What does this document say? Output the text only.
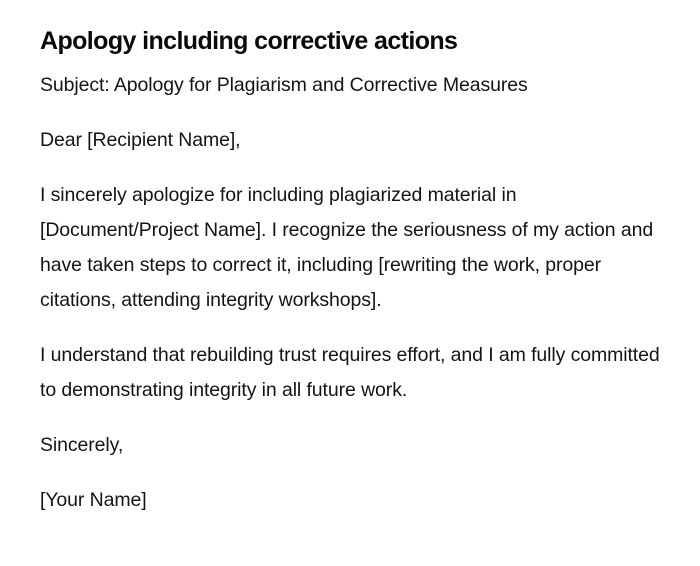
Apology including corrective actions

Subject: Apology for Plagiarism and Corrective Measures

Dear [Recipient Name],

I sincerely apologize for including plagiarized material in [Document/Project Name]. I recognize the seriousness of my action and have taken steps to correct it, including [rewriting the work, proper citations, attending integrity workshops].

I understand that rebuilding trust requires effort, and I am fully committed to demonstrating integrity in all future work.

Sincerely,

[Your Name]
